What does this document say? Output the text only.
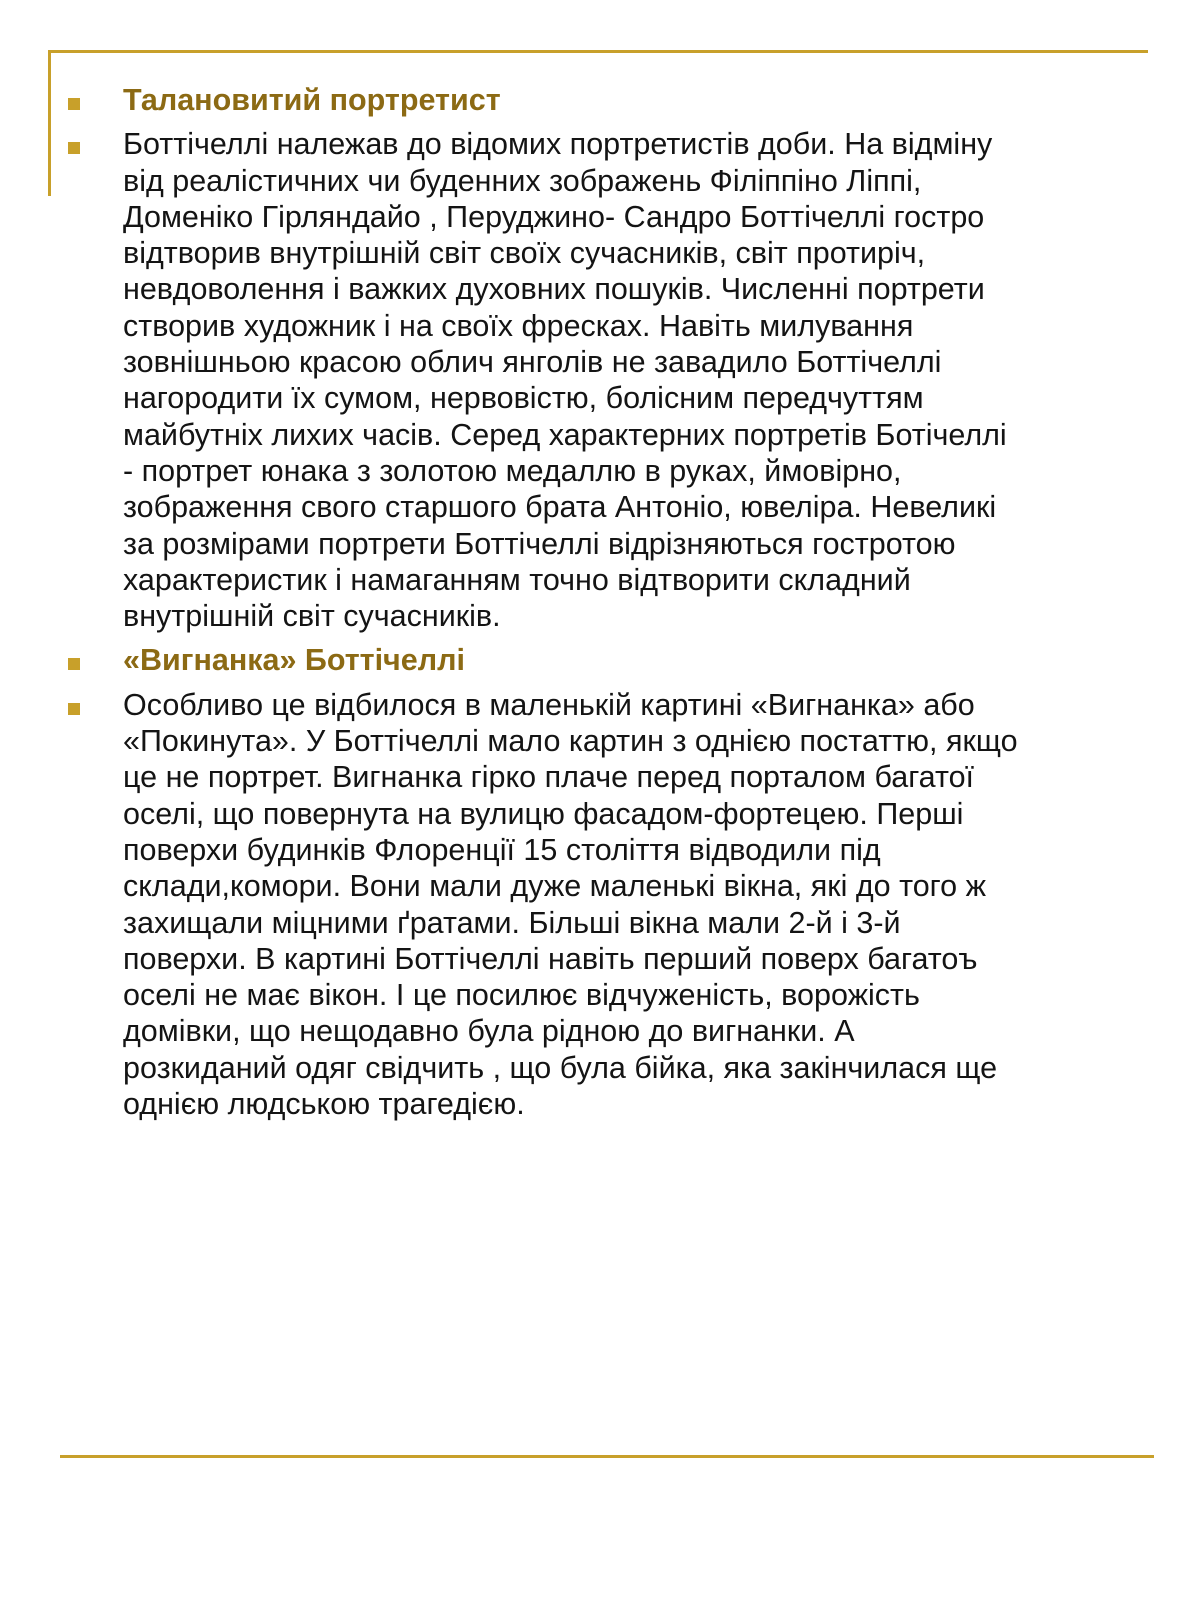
Талановитий портретист
Боттічеллі належав до відомих портретистів доби. На відміну
від реалістичних чи буденних зображень Філіппіно Ліппі,
Доменіко Гірляндайо , Перуджино- Сандро Боттічеллі гостро
відтворив внутрішній світ своїх сучасників, світ протиріч,
невдоволення і важких духовних пошуків. Численні портрети
створив художник і на своїх фресках. Навіть милування
зовнішньою красою облич янголів не завадило Боттічеллі
нагородити їх сумом, нервовістю, болісним передчуттям
майбутніх лихих часів. Серед характерних портретів Ботічеллі
- портрет юнака з золотою медаллю в руках, ймовірно,
зображення свого старшого брата Антоніо, ювеліра. Невеликі
за розмірами портрети Боттічеллі відрізняються гостротою
характеристик і намаганням точно відтворити складний
внутрішній світ сучасників.
«Вигнанка» Боттічеллі
Особливо це відбилося в маленькій картині «Вигнанка» або
«Покинута». У Боттічеллі мало картин з однією постаттю, якщо
це не портрет. Вигнанка гірко плаче перед порталом багатої
оселі, що повернута на вулицю фасадом-фортецею. Перші
поверхи будинків Флоренції 15 століття відводили під
склади,комори. Вони мали дуже маленькі вікна, які до того ж
захищали міцними ґратами. Більші вікна мали 2-й і 3-й
поверхи. В картині Боттічеллі навіть перший поверх багатоъ
оселі не має вікон. І це посилює відчуженість, ворожість
домівки, що нещодавно була рідною до вигнанки. А
розкиданий одяг свідчить , що була бійка, яка закінчилася ще
однією людською трагедією.
